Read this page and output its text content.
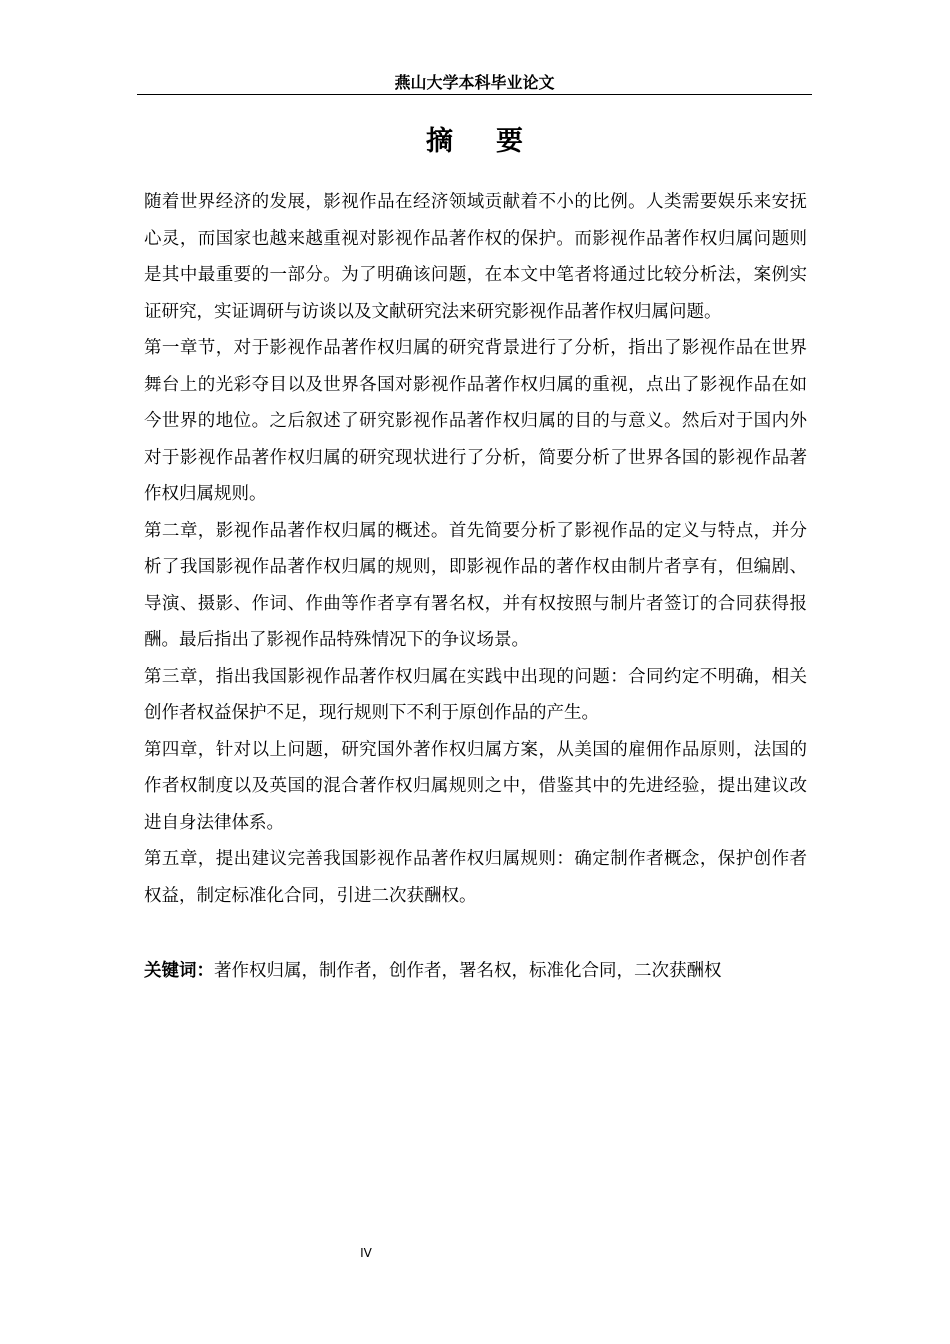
燕山大学本科毕业论文
摘 要

随着世界经济的发展，影视作品在经济领域贡献着不小的比例。人类需要娱乐来安抚心灵，而国家也越来越重视对影视作品著作权的保护。而影视作品著作权归属问题则是其中最重要的一部分。为了明确该问题，在本文中笔者将通过比较分析法，案例实证研究，实证调研与访谈以及文献研究法来研究影视作品著作权归属问题。

第一章节，对于影视作品著作权归属的研究背景进行了分析，指出了影视作品在世界舞台上的光彩夺目以及世界各国对影视作品著作权归属的重视，点出了影视作品在如今世界的地位。之后叙述了研究影视作品著作权归属的目的与意义。然后对于国内外对于影视作品著作权归属的研究现状进行了分析，简要分析了世界各国的影视作品著作权归属规则。

第二章，影视作品著作权归属的概述。首先简要分析了影视作品的定义与特点，并分析了我国影视作品著作权归属的规则，即影视作品的著作权由制片者享有，但编剧、导演、摄影、作词、作曲等作者享有署名权，并有权按照与制片者签订的合同获得报酬。最后指出了影视作品特殊情况下的争议场景。

第三章，指出我国影视作品著作权归属在实践中出现的问题：合同约定不明确，相关创作者权益保护不足，现行规则下不利于原创作品的产生。

第四章，针对以上问题，研究国外著作权归属方案，从美国的雇佣作品原则，法国的作者权制度以及英国的混合著作权归属规则之中，借鉴其中的先进经验，提出建议改进自身法律体系。

第五章，提出建议完善我国影视作品著作权归属规则：确定制作者概念，保护创作者权益，制定标准化合同，引进二次获酬权。

关键词：著作权归属，制作者，创作者，署名权，标准化合同，二次获酬权
IV
